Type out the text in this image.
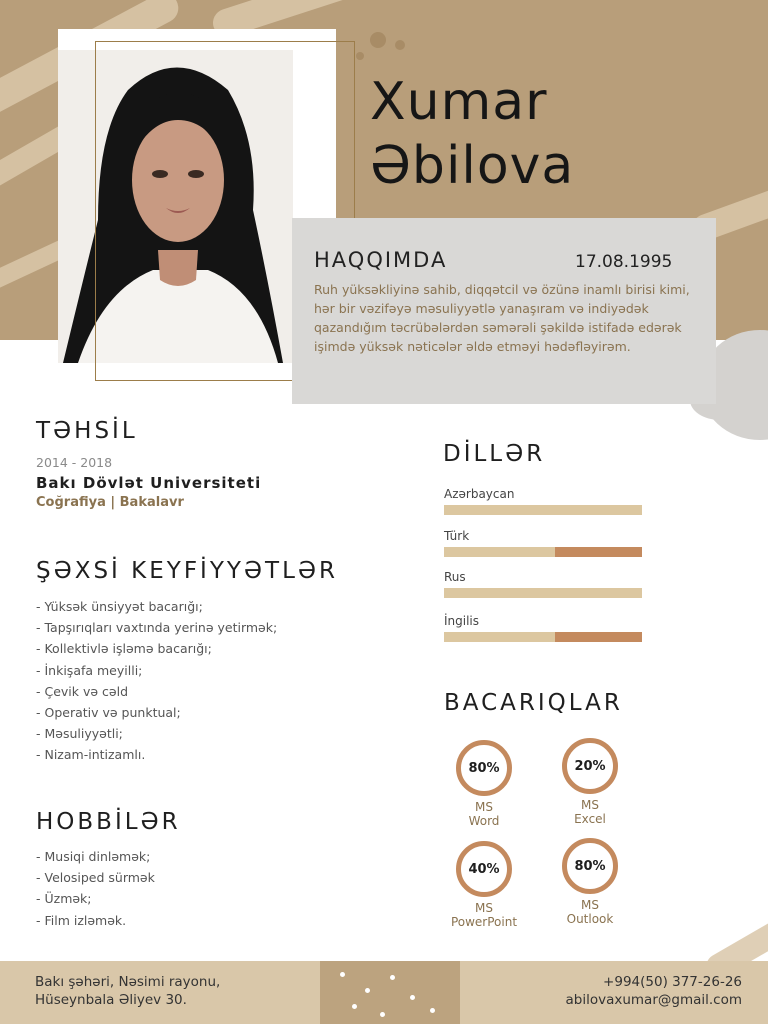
Xumar
Əbilova
HAQQIMDA	17.08.1995
Ruh yüksəkliyinə sahib, diqqətcil və özünə inamlı birisi kimi, hər bir vəzifəyə məsuliyyətlə yanaşıram və indiyədək qazandığım təcrübələrdən səmərəli şəkildə istifadə edərək işimdə yüksək nəticələr əldə etməyi hədəfləyirəm.
TƏHSİL
2014 - 2018
Bakı Dövlət Universiteti
Coğrafiya | Bakalavr
ŞƏXSİ KEYFİYYƏTLƏR
- Yüksək ünsiyyət bacarığı;
- Tapşırıqları vaxtında yerinə yetirmək;
- Kollektivlə işləmə bacarığı;
- İnkişafa meyilli;
- Çevik və cəld
- Operativ və punktual;
- Məsuliyyətli;
- Nizam-intizamlı.
HOBBİLƏR
- Musiqi dinləmək;
- Velosiped sürmək
- Üzmək;
- Film izləmək.
DİLLƏR
Azərbaycan
Türk
Rus
İngilis
BACARIQLAR
80%
MS
Word
20%
MS
Excel
40%
MS
PowerPoint
80%
MS
Outlook
Bakı şəhəri, Nəsimi rayonu,
Hüseynbala Əliyev 30.
+994(50) 377-26-26
abilovaxumar@gmail.com
